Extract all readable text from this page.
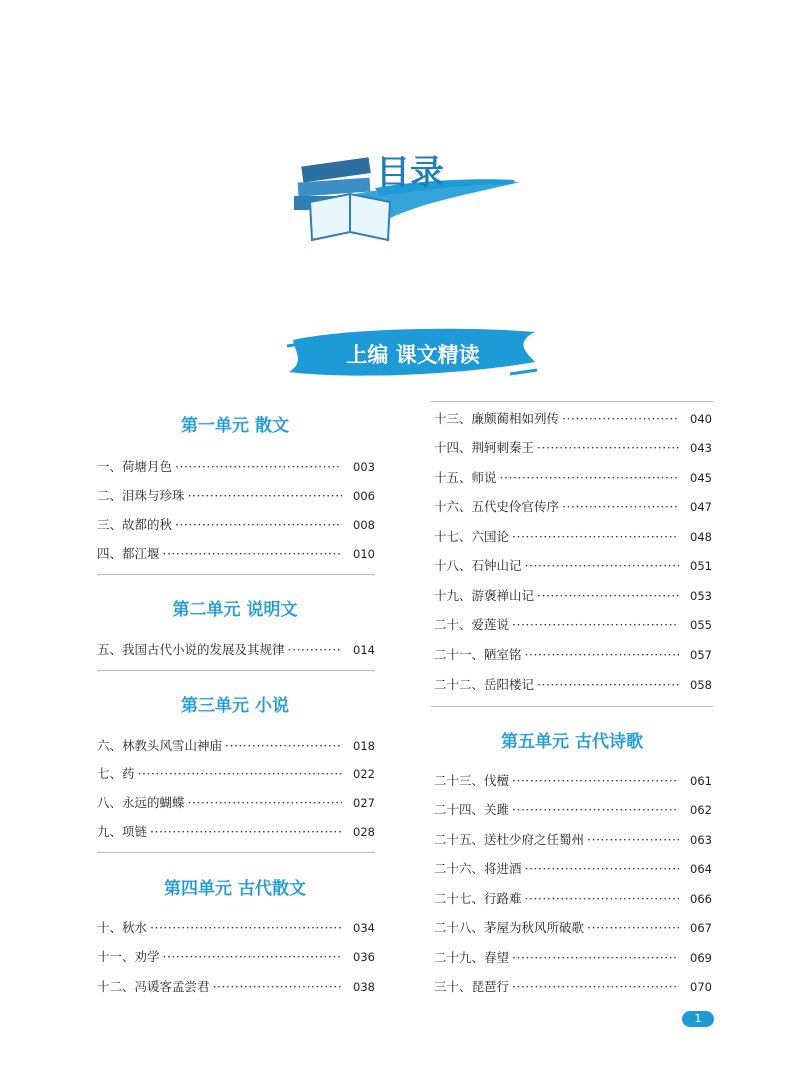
目录
content
上编 课文精读
第一单元 散文
一、荷塘月色 ·····	003
二、泪珠与珍珠 ·····	006
三、故都的秋 ·····	008
四、都江堰 ·····	010
第二单元 说明文
五、我国古代小说的发展及其规律 ·····	014
第三单元 小说
六、林教头风雪山神庙 ·····	018
七、药 ·····	022
八、永远的蝴蝶 ·····	027
九、项链 ·····	028
第四单元 古代散文
十、秋水 ·····	034
十一、劝学 ·····	036
十二、冯谖客孟尝君 ·····	038
十三、廉颇蔺相如列传 ·····	040
十四、荆轲刺秦王 ·····	043
十五、师说 ·····	045
十六、五代史伶官传序 ·····	047
十七、六国论 ·····	048
十八、石钟山记 ·····	051
十九、游褒禅山记 ·····	053
二十、爱莲说 ·····	055
二十一、陋室铭 ·····	057
二十二、岳阳楼记 ·····	058
第五单元 古代诗歌
二十三、伐檀 ·····	061
二十四、关雎 ·····	062
二十五、送杜少府之任蜀州 ·····	063
二十六、将进酒 ·····	064
二十七、行路难 ·····	066
二十八、茅屋为秋风所破歌 ·····	067
二十九、春望 ·····	069
三十、琵琶行 ·····	070
1
